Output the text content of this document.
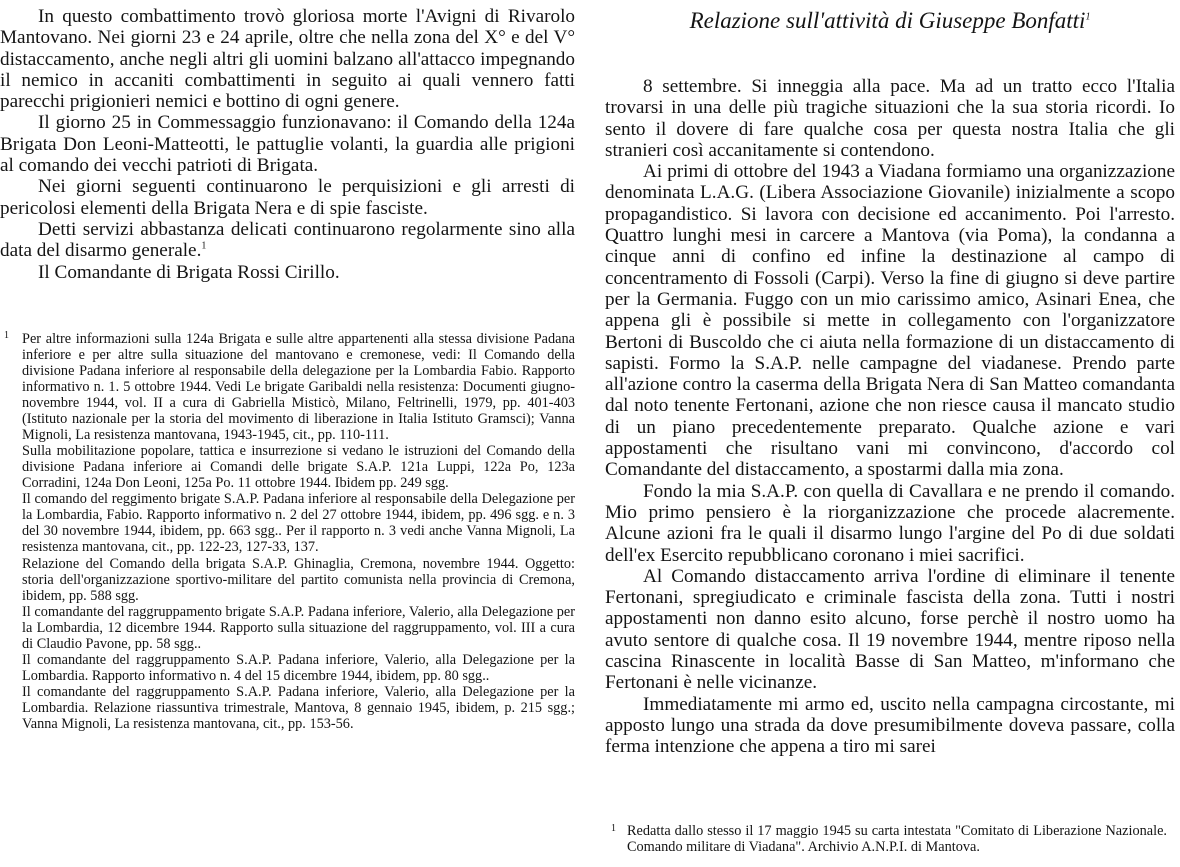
In questo combattimento trovò gloriosa morte l'Avigni di Rivarolo Mantovano. Nei giorni 23 e 24 aprile, oltre che nella zona del X° e del V° distaccamento, anche negli altri gli uomini balzano all'attacco impegnando il nemico in accaniti combattimenti in seguito ai quali vennero fatti parecchi prigionieri nemici e bottino di ogni genere.

Il giorno 25 in Commessaggio funzionavano: il Comando della 124a Brigata Don Leoni-Matteotti, le pattuglie volanti, la guardia alle prigioni al comando dei vecchi patrioti di Brigata.

Nei giorni seguenti continuarono le perquisizioni e gli arresti di pericolosi elementi della Brigata Nera e di spie fasciste.

Detti servizi abbastanza delicati continuarono regolarmente sino alla data del disarmo generale.$^1$

Il Comandante di Brigata Rossi Cirillo.

1 Per altre informazioni sulla 124a Brigata e sulle altre appartenenti alla stessa divisione Padana inferiore e per altre sulla situazione del mantovano e cremonese, vedi: Il Comando della divisione Padana inferiore al responsabile della delegazione per la Lombardia Fabio. Rapporto informativo n. 1. 5 ottobre 1944. Vedi Le brigate Garibaldi nella resistenza: Documenti giugno-novembre 1944, vol. II a cura di Gabriella Misticò, Milano, Feltrinelli, 1979, pp. 401-403 (Istituto nazionale per la storia del movimento di liberazione in Italia Istituto Gramsci); Vanna Mignoli, La resistenza mantovana, 1943-1945, cit., pp. 110-111.

Sulla mobilitazione popolare, tattica e insurrezione si vedano le istruzioni del Comando della divisione Padana inferiore ai Comandi delle brigate S.A.P. 121a Luppi, 122a Po, 123a Corradini, 124a Don Leoni, 125a Po. 11 ottobre 1944. Ibidem pp. 249 sgg.

Il comando del reggimento brigate S.A.P. Padana inferiore al responsabile della Delegazione per la Lombardia, Fabio. Rapporto informativo n. 2 del 27 ottobre 1944, ibidem, pp. 496 sgg. e n. 3 del 30 novembre 1944, ibidem, pp. 663 sgg.. Per il rapporto n. 3 vedi anche Vanna Mignoli, La resistenza mantovana, cit., pp. 122-23, 127-33, 137.

Relazione del Comando della brigata S.A.P. Ghinaglia, Cremona, novembre 1944. Oggetto: storia dell'organizzazione sportivo-militare del partito comunista nella provincia di Cremona, ibidem, pp. 588 sgg.

Il comandante del raggruppamento brigate S.A.P. Padana inferiore, Valerio, alla Delegazione per la Lombardia, 12 dicembre 1944. Rapporto sulla situazione del raggruppamento, vol. III a cura di Claudio Pavone, pp. 58 sgg..

Il comandante del raggruppamento S.A.P. Padana inferiore, Valerio, alla Delegazione per la Lombardia. Rapporto informativo n. 4 del 15 dicembre 1944, ibidem, pp. 80 sgg..

Il comandante del raggruppamento S.A.P. Padana inferiore, Valerio, alla Delegazione per la Lombardia. Relazione riassuntiva trimestrale, Mantova, 8 gennaio 1945, ibidem, p. 215 sgg.; Vanna Mignoli, La resistenza mantovana, cit., pp. 153-56.

Relazione sull'attività di Giuseppe Bonfatti$^1$

8 settembre. Si inneggia alla pace. Ma ad un tratto ecco l'Italia trovarsi in una delle più tragiche situazioni che la sua storia ricordi. Io sento il dovere di fare qualche cosa per questa nostra Italia che gli stranieri così accanitamente si contendono.

Ai primi di ottobre del 1943 a Viadana formiamo una organizzazione denominata L.A.G. (Libera Associazione Giovanile) inizialmente a scopo propagandistico. Si lavora con decisione ed accanimento. Poi l'arresto. Quattro lunghi mesi in carcere a Mantova (via Poma), la condanna a cinque anni di confino ed infine la destinazione al campo di concentramento di Fossoli (Carpi). Verso la fine di giugno si deve partire per la Germania. Fuggo con un mio carissimo amico, Asinari Enea, che appena gli è possibile si mette in collegamento con l'organizzatore Bertoni di Buscoldo che ci aiuta nella formazione di un distaccamento di sapisti. Formo la S.A.P. nelle campagne del viadanese. Prendo parte all'azione contro la caserma della Brigata Nera di San Matteo comandanta dal noto tenente Fertonani, azione che non riesce causa il mancato studio di un piano precedentemente preparato. Qualche azione e vari appostamenti che risultano vani mi convincono, d'accordo col Comandante del distaccamento, a spostarmi dalla mia zona.

Fondo la mia S.A.P. con quella di Cavallara e ne prendo il comando. Mio primo pensiero è la riorganizzazione che procede alacremente. Alcune azioni fra le quali il disarmo lungo l'argine del Po di due soldati dell'ex Esercito repubblicano coronano i miei sacrifici.

Al Comando distaccamento arriva l'ordine di eliminare il tenente Fertonani, spregiudicato e criminale fascista della zona. Tutti i nostri appostamenti non danno esito alcuno, forse perchè il nostro uomo ha avuto sentore di qualche cosa. Il 19 novembre 1944, mentre riposo nella cascina Rinascente in località Basse di San Matteo, m'informano che Fertonani è nelle vicinanze.

Immediatamente mi armo ed, uscito nella campagna circostante, mi apposto lungo una strada da dove presumibilmente doveva passare, colla ferma intenzione che appena a tiro mi sarei

1 Redatta dallo stesso il 17 maggio 1945 su carta intestata "Comitato di Liberazione Nazionale. Comando militare di Viadana". Archivio A.N.P.I. di Mantova.
